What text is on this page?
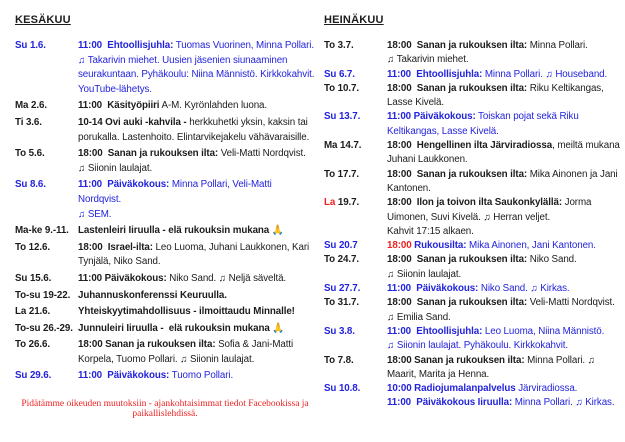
KESÄKUU
Su 1.6.	11:00  Ehtoollisjuhla: Tuomas Vuorinen, Minna Pollari.
♫ Takarivin miehet. Uusien jäsenien siunaaminen seurakuntaan. Pyhäkoulu: Niina Männistö. Kirkkokahvit. YouTube-lähetys.
Ma 2.6.	11:00  Käsityöpiiri A-M. Kyrönlahden luona.
Ti 3.6.	10-14 Ovi auki -kahvila - herkkuhetki yksin, kaksin tai porukalla. Lastenhoito. Elintarvikejakelu vähävaraisille.
To 5.6.	18:00  Sanan ja rukouksen ilta: Veli-Matti Nordqvist.
♫ Siionin laulajat.
Su 8.6.	11:00  Päiväkokous: Minna Pollari, Veli-Matti Nordqvist.
♫ SEM.
Ma-ke 9.-11. Lastenleiri Iiruulla - elä rukouksin mukana 🙏
To 12.6.	18:00  Israel-ilta: Leo Luoma, Juhani Laukkonen, Kari Tynjälä, Niko Sand.
Su 15.6.	11:00 Päiväkokous: Niko Sand. ♫ Neljä säveltä.
To-su 19-22. Juhannuskonferenssi Keuruulla.
La 21.6.	Yhteiskyytimahdollisuus - ilmoittaudu Minnalle!
To-su 26.-29. Junnuleiri Iiruulla -  elä rukouksin mukana 🙏
To 26.6.	18:00 Sanan ja rukouksen ilta: Sofia & Jani-Matti Korpela, Tuomo Pollari. ♫ Siionin laulajat.
Su 29.6.	11:00  Päiväkokous: Tuomo Pollari.
HEINÄKUU
To 3.7.	18:00  Sanan ja rukouksen ilta: Minna Pollari.
♫ Takarivin miehet.
Su 6.7.	11:00  Ehtoollisjuhla: Minna Pollari. ♫ Houseband.
To 10.7.	18:00  Sanan ja rukouksen ilta: Riku Keltikangas, Lasse Kivelä.
Su 13.7.	11:00 Päiväkokous: Toiskan pojat sekä Riku Keltikangas, Lasse Kivelä.
Ma 14.7.	18:00  Hengellinen ilta Järviradiossa, meiltä mukana Juhani Laukkonen.
To 17.7.	18:00  Sanan ja rukouksen ilta: Mika Ainonen ja Jani Kantonen.
La 19.7.	18:00  Ilon ja toivon ilta Saukonkylällä: Jorma Uimonen, Suvi Kivelä. ♫ Herran veljet.
Kahvit 17:15 alkaen.
Su 20.7	18:00 Rukousilta: Mika Ainonen, Jani Kantonen.
To 24.7.	18:00  Sanan ja rukouksen ilta: Niko Sand.
♫ Siionin laulajat.
Su 27.7.	11:00  Päiväkokous: Niko Sand. ♫ Kirkas.
To 31.7.	18:00  Sanan ja rukouksen ilta: Veli-Matti Nordqvist.
♫ Emilia Sand.
Su 3.8.	11:00  Ehtoollisjuhla: Leo Luoma, Niina Männistö.
♫ Siionin laulajat. Pyhäkoulu. Kirkkokahvit.
To 7.8.	18:00 Sanan ja rukouksen ilta: Minna Pollari. ♫ Maarit, Marita ja Henna.
Su 10.8.	10:00 Radiojumalanpalvelus Järviradiossa.
11:00  Päiväkokous Iiruulla: Minna Pollari. ♫ Kirkas.
Pidätämme oikeuden muutoksiin - ajankohtaisimmat tiedot Facebookissa ja paikallislehdissä.
